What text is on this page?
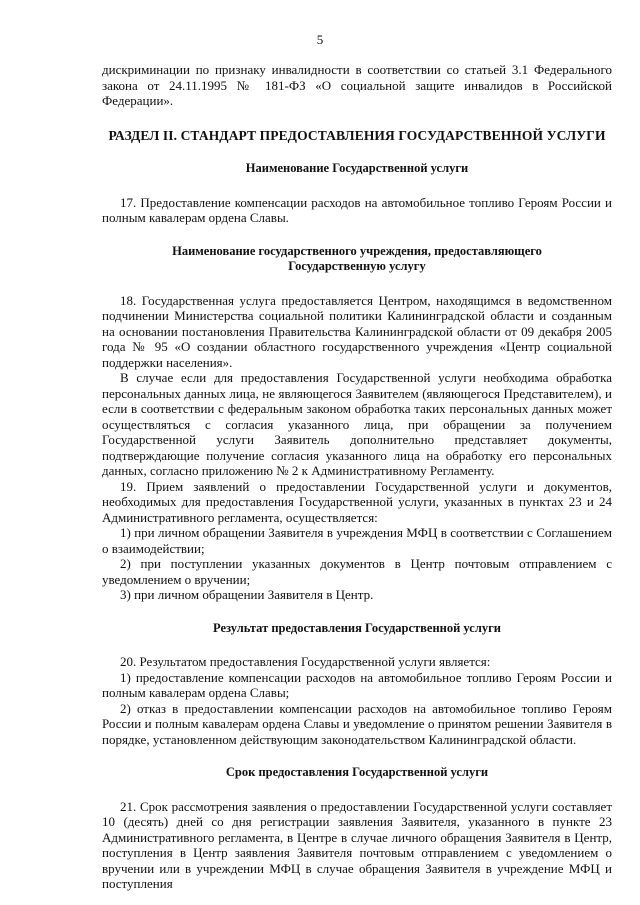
5

дискриминации по признаку инвалидности в соответствии со статьей 3.1 Федерального закона от 24.11.1995 № 181-ФЗ «О социальной защите инвалидов в Российской Федерации».

РАЗДЕЛ II. СТАНДАРТ ПРЕДОСТАВЛЕНИЯ ГОСУДАРСТВЕННОЙ УСЛУГИ
Наименование Государственной услуги

17. Предоставление компенсации расходов на автомобильное топливо Героям России и полным кавалерам ордена Славы.

Наименование государственного учреждения, предоставляющего
Государственную услугу

18. Государственная услуга предоставляется Центром, находящимся в ведомственном подчинении Министерства социальной политики Калининградской области и созданным на основании постановления Правительства Калининградской области от 09 декабря 2005 года № 95 «О создании областного государственного учреждения «Центр социальной поддержки населения».

В случае если для предоставления Государственной услуги необходима обработка персональных данных лица, не являющегося Заявителем (являющегося Представителем), и если в соответствии с федеральным законом обработка таких персональных данных может осуществляться с согласия указанного лица, при обращении за получением Государственной услуги Заявитель дополнительно представляет документы, подтверждающие получение согласия указанного лица на обработку его персональных данных, согласно приложению № 2 к Административному Регламенту.

19. Прием заявлений о предоставлении Государственной услуги и документов, необходимых для предоставления Государственной услуги, указанных в пунктах 23 и 24 Административного регламента, осуществляется:

1) при личном обращении Заявителя в учреждения МФЦ в соответствии с Соглашением о взаимодействии;

2) при поступлении указанных документов в Центр почтовым отправлением с уведомлением о вручении;

3) при личном обращении Заявителя в Центр.

Результат предоставления Государственной услуги

20. Результатом предоставления Государственной услуги является:

1) предоставление компенсации расходов на автомобильное топливо Героям России и полным кавалерам ордена Славы;

2) отказ в предоставлении компенсации расходов на автомобильное топливо Героям России и полным кавалерам ордена Славы и уведомление о принятом решении Заявителя в порядке, установленном действующим законодательством Калининградской области.

Срок предоставления Государственной услуги

21. Срок рассмотрения заявления о предоставлении Государственной услуги составляет 10 (десять) дней со дня регистрации заявления Заявителя, указанного в пункте 23 Административного регламента, в Центре в случае личного обращения Заявителя в Центр, поступления в Центр заявления Заявителя почтовым отправлением с уведомлением о вручении или в учреждении МФЦ в случае обращения Заявителя в учреждение МФЦ и поступления
